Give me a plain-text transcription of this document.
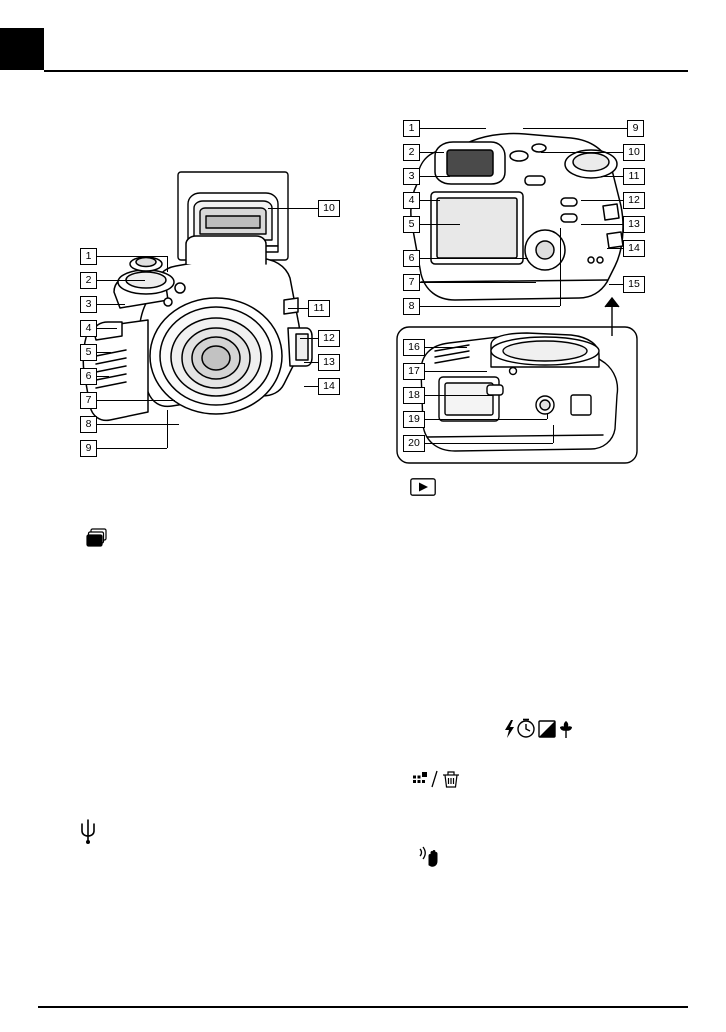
1
2
3
4
5
6
7
8
9
10
11
12
13
14
1
2
3
4
5
6
7
8
9
10
11
12
13
14
15
16
17
18
19
20
